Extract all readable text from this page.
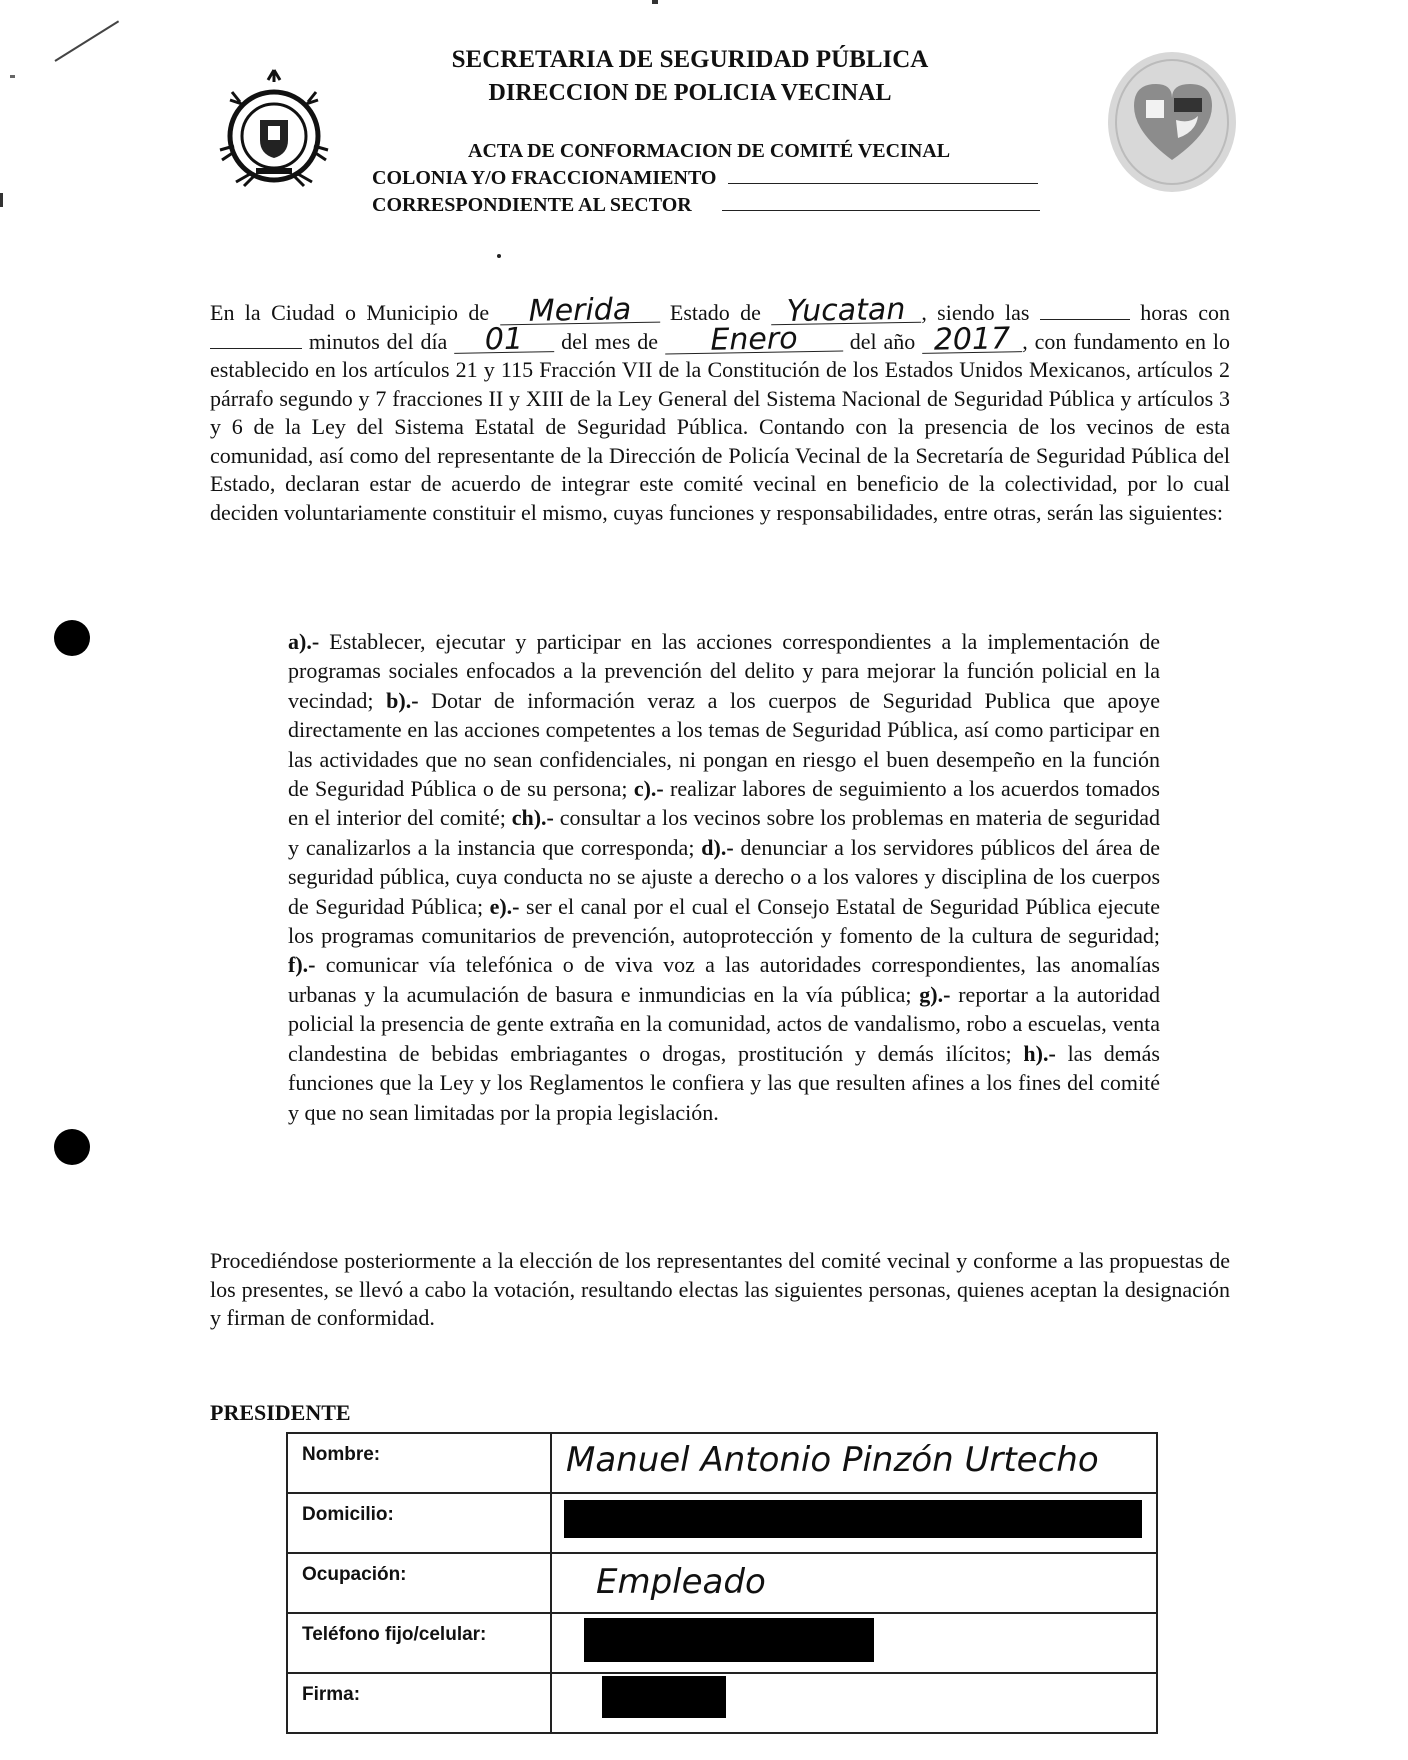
SECRETARIA DE SEGURIDAD PÚBLICA
DIRECCION DE POLICIA VECINAL
ACTA DE CONFORMACION DE COMITÉ VECINAL
COLONIA Y/O FRACCIONAMIENTO
CORRESPONDIENTE AL SECTOR
En la Ciudad o Municipio de Merida Estado de Yucatan , siendo las	horas con  minutos del día 01 del mes de Enero del año 2017 , con fundamento en lo establecido en los artículos 21 y 115 Fracción VII de la Constitución de los Estados Unidos Mexicanos, artículos 2 párrafo segundo y 7 fracciones II y XIII de la Ley General del Sistema Nacional de Seguridad Pública y artículos 3 y 6 de la Ley del Sistema Estatal de Seguridad Pública. Contando con la presencia de los vecinos de esta comunidad, así como del representante de la Dirección de Policía Vecinal de la Secretaría de Seguridad Pública del Estado, declaran estar de acuerdo de integrar este comité vecinal en beneficio de la colectividad, por lo cual deciden voluntariamente constituir el mismo, cuyas funciones y responsabilidades, entre otras, serán las siguientes:
a).- Establecer, ejecutar y participar en las acciones correspondientes a la implementación de programas sociales enfocados a la prevención del delito y para mejorar la función policial en la vecindad; b).- Dotar de información veraz a los cuerpos de Seguridad Publica que apoye directamente en las acciones competentes a los temas de Seguridad Pública, así como participar en las actividades que no sean confidenciales, ni pongan en riesgo el buen desempeño en la función de Seguridad Pública o de su persona; c).- realizar labores de seguimiento a los acuerdos tomados en el interior del comité; ch).- consultar a los vecinos sobre los problemas en materia de seguridad y canalizarlos a la instancia que corresponda; d).- denunciar a los servidores públicos del área de seguridad pública, cuya conducta no se ajuste a derecho o a los valores y disciplina de los cuerpos de Seguridad Pública; e).- ser el canal por el cual el Consejo Estatal de Seguridad Pública ejecute los programas comunitarios de prevención, autoprotección y fomento de la cultura de seguridad; f).- comunicar vía telefónica o de viva voz a las autoridades correspondientes, las anomalías urbanas y la acumulación de basura e inmundicias en la vía pública; g).- reportar a la autoridad policial la presencia de gente extraña en la comunidad, actos de vandalismo, robo a escuelas, venta clandestina de bebidas embriagantes o drogas, prostitución y demás ilícitos; h).- las demás funciones que la Ley y los Reglamentos le confiera y las que resulten afines a los fines del comité y que no sean limitadas por la propia legislación.
Procediéndose posteriormente a la elección de los representantes del comité vecinal y conforme a las propuestas de los presentes, se llevó a cabo la votación, resultando electas las siguientes personas, quienes aceptan la designación y firman de conformidad.
PRESIDENTE
Nombre:	Manuel Antonio Pinzón Urtecho

Domicilio:	

Ocupación:	Empleado

Teléfono fijo/celular:	

Firma:	
